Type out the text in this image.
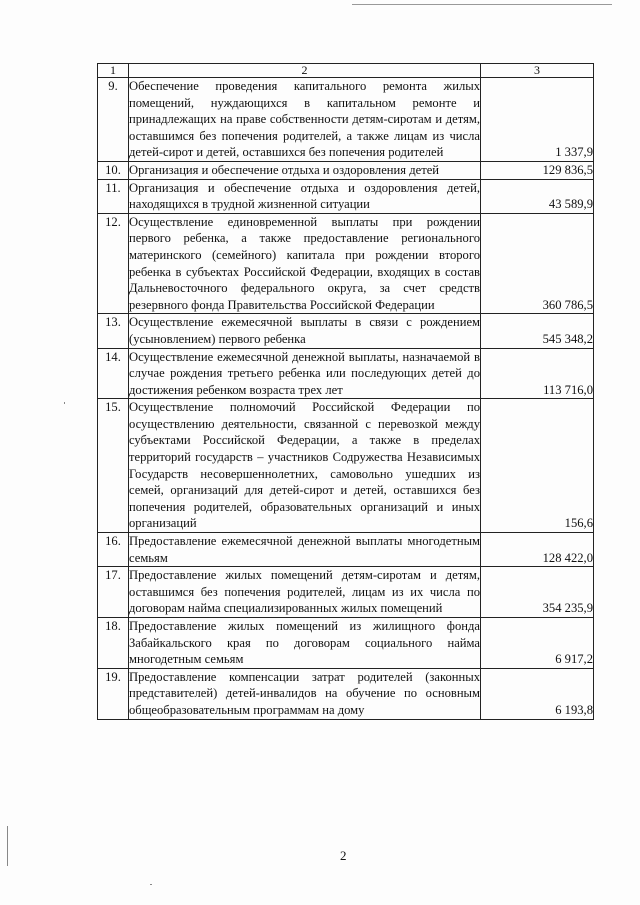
1	2	3
9.	Обеспечение проведения капитального ремонта жилых помещений, нуждающихся в капитальном ремонте и принадлежащих на праве собственности детям-сиротам и детям, оставшимся без попечения родителей, а также лицам из числа детей-сирот и детей, оставшихся без попечения родителей	1 337,9
10.	Организация и обеспечение отдыха и оздоровления детей	129 836,5
11.	Организация и обеспечение отдыха и оздоровления детей, находящихся в трудной жизненной ситуации	43 589,9
12.	Осуществление единовременной выплаты при рождении первого ребенка, а также предоставление регионального материнского (семейного) капитала при рождении второго ребенка в субъектах Российской Федерации, входящих в состав Дальневосточного федерального округа, за счет средств резервного фонда Правительства Российской Федерации	360 786,5
13.	Осуществление ежемесячной выплаты в связи с рождением (усыновлением) первого ребенка	545 348,2
14.	Осуществление ежемесячной денежной выплаты, назначаемой в случае рождения третьего ребенка или последующих детей до достижения ребенком возраста трех лет	113 716,0
15.	Осуществление полномочий Российской Федерации по осуществлению деятельности, связанной с перевозкой между субъектами Российской Федерации, а также в пределах территорий государств – участников Содружества Независимых Государств несовершеннолетних, самовольно ушедших из семей, организаций для детей-сирот и детей, оставшихся без попечения родителей, образовательных организаций и иных организаций	156,6
16.	Предоставление ежемесячной денежной выплаты многодетным семьям	128 422,0
17.	Предоставление жилых помещений детям-сиротам и детям, оставшимся без попечения родителей, лицам из их числа по договорам найма специализированных жилых помещений	354 235,9
18.	Предоставление жилых помещений из жилищного фонда Забайкальского края по договорам социального найма многодетным семьям	6 917,2
19.	Предоставление компенсации затрат родителей (законных представителей) детей-инвалидов на обучение по основным общеобразовательным программам на дому	6 193,8
2
